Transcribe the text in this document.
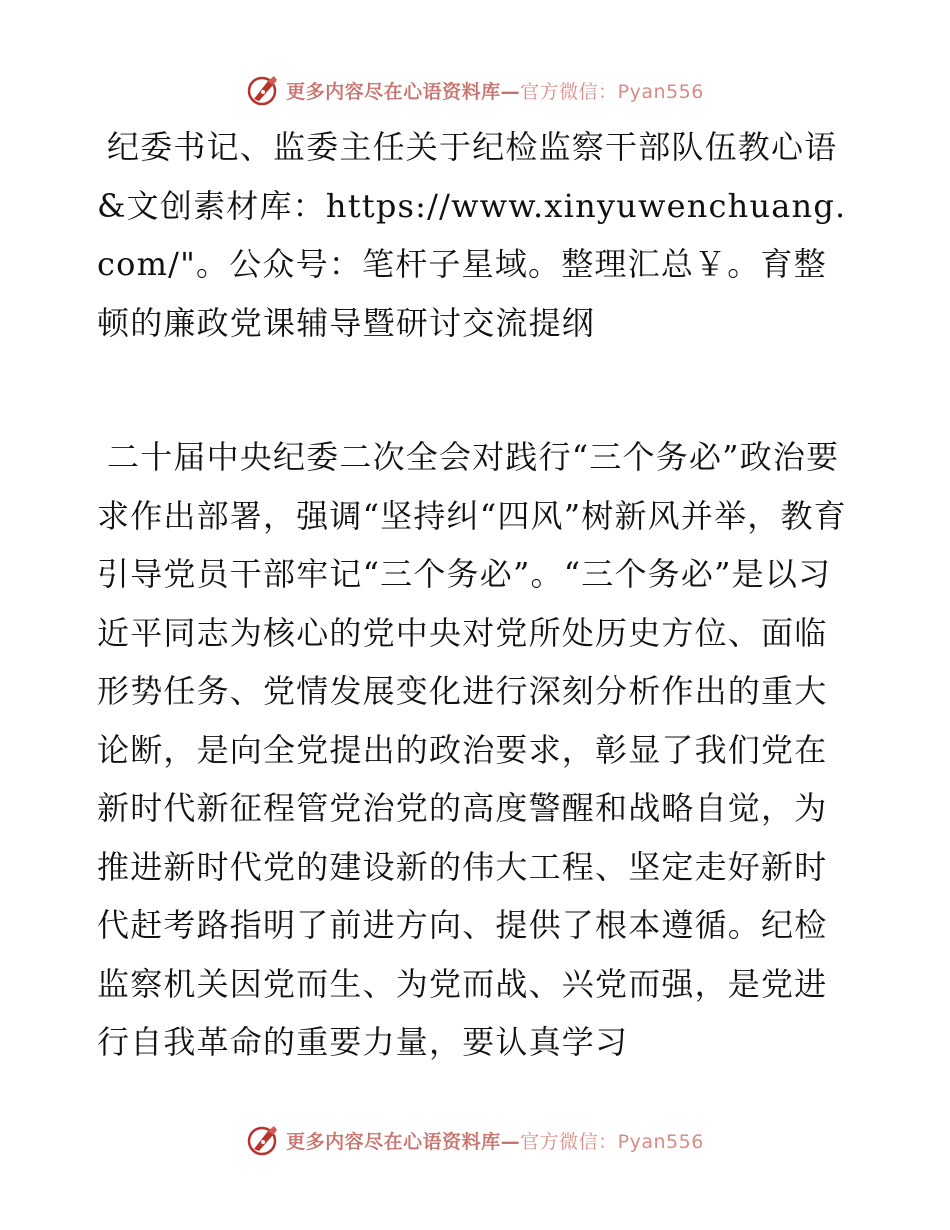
更多内容尽在心语资料库—官方微信：Pyan556

纪委书记、监委主任关于纪检监察干部队伍教心语&文创素材库：https://www.xinyuwenchuang.com/"。公众号：笔杆子星域。整理汇总￥。育整顿的廉政党课辅导暨研讨交流提纲

二十届中央纪委二次全会对践行“三个务必”政治要求作出部署，强调“坚持纠“四风”树新风并举，教育引导党员干部牢记“三个务必”。“三个务必”是以习近平同志为核心的党中央对党所处历史方位、面临形势任务、党情发展变化进行深刻分析作出的重大论断，是向全党提出的政治要求，彰显了我们党在新时代新征程管党治党的高度警醒和战略自觉，为推进新时代党的建设新的伟大工程、坚定走好新时代赶考路指明了前进方向、提供了根本遵循。纪检监察机关因党而生、为党而战、兴党而强，是党进行自我革命的重要力量，要认真学习

更多内容尽在心语资料库—官方微信：Pyan556
